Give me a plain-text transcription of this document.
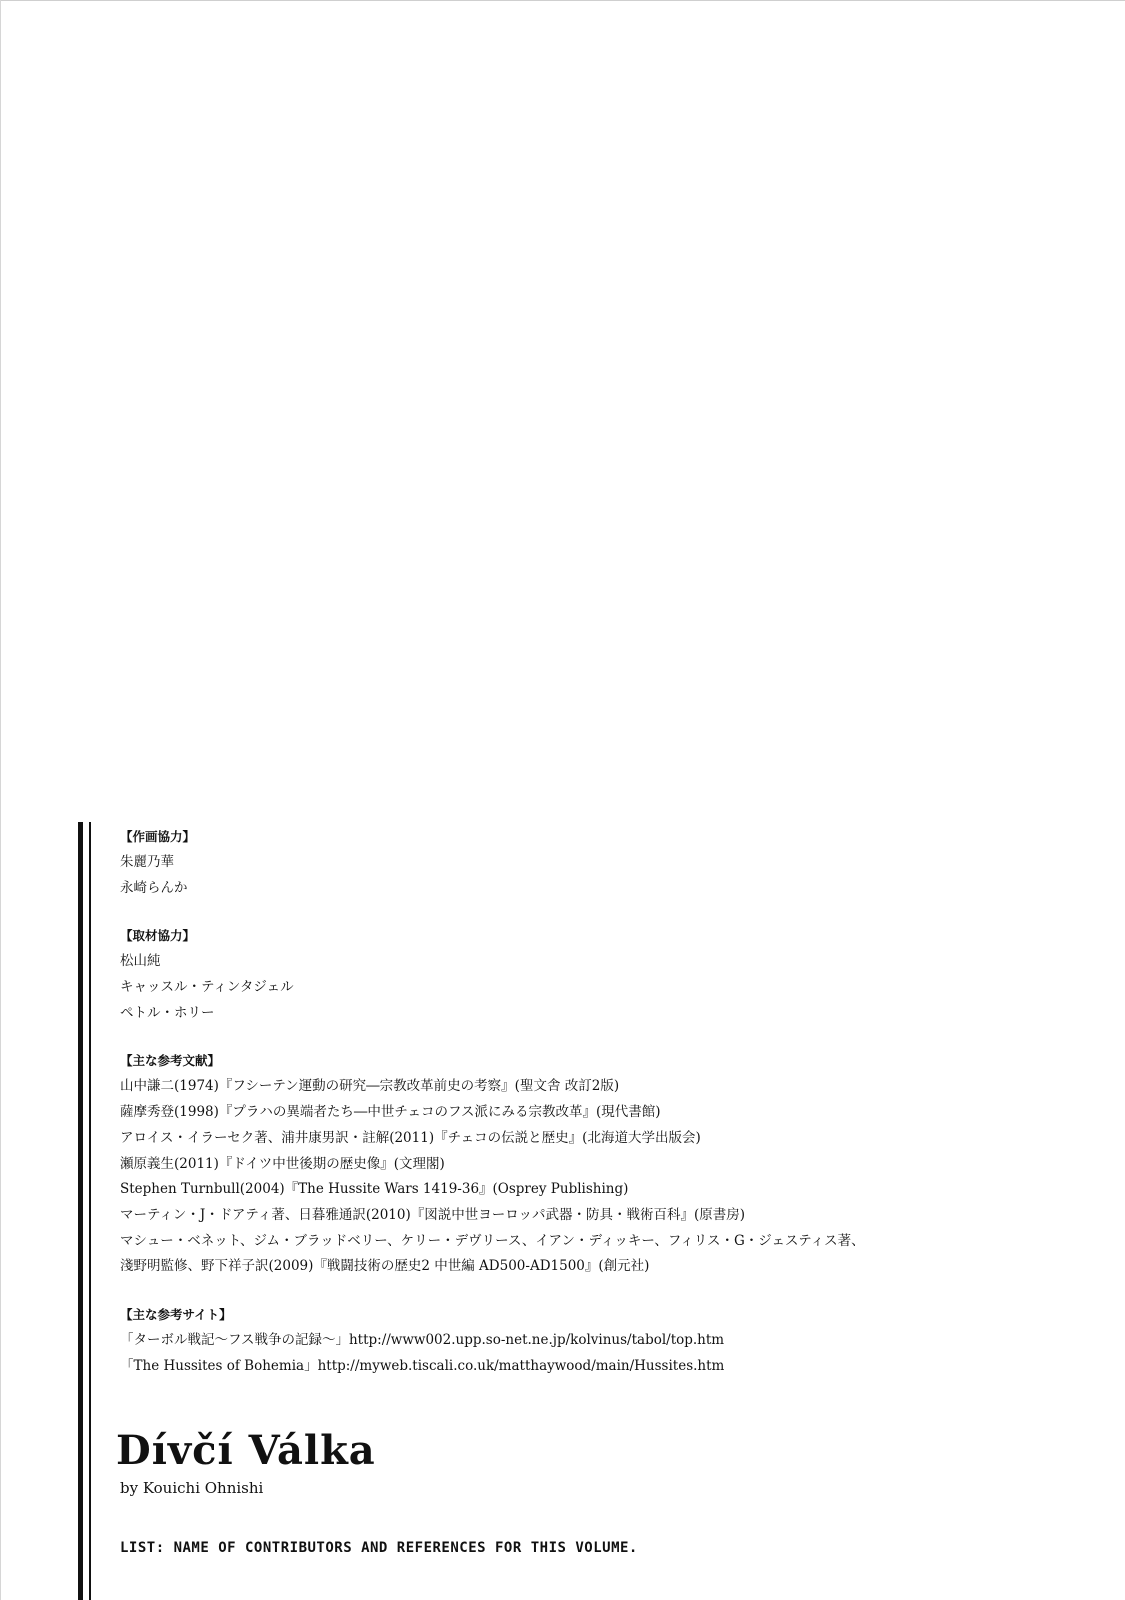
【作画協力】
朱麗乃華
永崎らんか
【取材協力】
松山純
キャッスル・ティンタジェル
ペトル・ホリー
【主な参考文献】
山中謙二(1974)『フシーテン運動の研究―宗教改革前史の考察』(聖文舎 改訂2版)
薩摩秀登(1998)『プラハの異端者たち―中世チェコのフス派にみる宗教改革』(現代書館)
アロイス・イラーセク著、浦井康男訳・註解(2011)『チェコの伝説と歴史』(北海道大学出版会)
瀬原義生(2011)『ドイツ中世後期の歴史像』(文理閣)
Stephen Turnbull(2004)『The Hussite Wars 1419-36』(Osprey Publishing)
マーティン・J・ドアティ著、日暮雅通訳(2010)『図説中世ヨーロッパ武器・防具・戦術百科』(原書房)
マシュー・ベネット、ジム・ブラッドベリー、ケリー・デヴリース、イアン・ディッキー、フィリス・G・ジェスティス著、
淺野明監修、野下祥子訳(2009)『戦闘技術の歴史2 中世編 AD500-AD1500』(創元社)
【主な参考サイト】
「ターボル戦記～フス戦争の記録～」http://www002.upp.so-net.ne.jp/kolvinus/tabol/top.htm
「The Hussites of Bohemia」http://myweb.tiscali.co.uk/matthaywood/main/Hussites.htm
Dívčí Válka
by Kouichi Ohnishi
LIST: NAME OF CONTRIBUTORS AND REFERENCES FOR THIS VOLUME.
